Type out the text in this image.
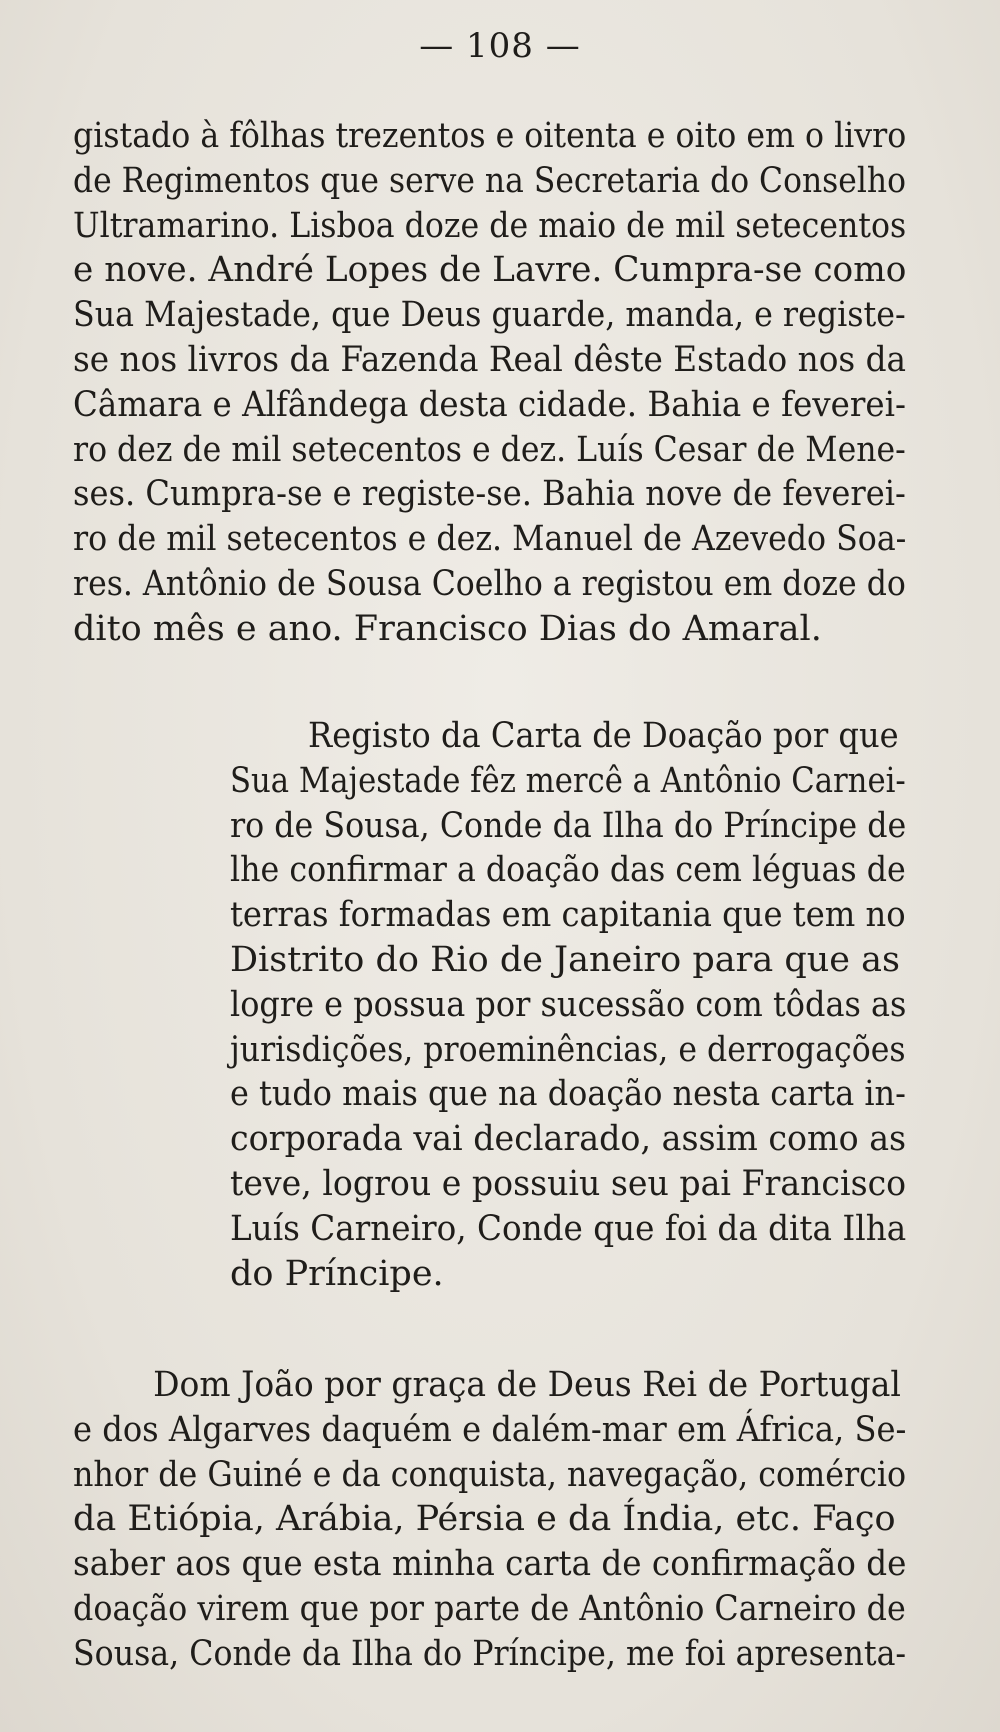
— 108 —
gistado à fôlhas trezentos e oitenta e oito em o livro
de Regimentos que serve na Secretaria do Conselho
Ultramarino. Lisboa doze de maio de mil setecentos
e nove. André Lopes de Lavre. Cumpra-se como
Sua Majestade, que Deus guarde, manda, e registe-
se nos livros da Fazenda Real dêste Estado nos da
Câmara e Alfândega desta cidade. Bahia e feverei-
ro dez de mil setecentos e dez. Luís Cesar de Mene-
ses. Cumpra-se e registe-se. Bahia nove de feverei-
ro de mil setecentos e dez. Manuel de Azevedo Soa-
res. Antônio de Sousa Coelho a registou em doze do
dito mês e ano. Francisco Dias do Amaral.
Registo da Carta de Doação por que
Sua Majestade fêz mercê a Antônio Carnei-
ro de Sousa, Conde da Ilha do Príncipe de
lhe confirmar a doação das cem léguas de
terras formadas em capitania que tem no
Distrito do Rio de Janeiro para que as
logre e possua por sucessão com tôdas as
jurisdições, proeminências, e derrogações
e tudo mais que na doação nesta carta in-
corporada vai declarado, assim como as
teve, logrou e possuiu seu pai Francisco
Luís Carneiro, Conde que foi da dita Ilha
do Príncipe.
Dom João por graça de Deus Rei de Portugal
e dos Algarves daquém e dalém-mar em África, Se-
nhor de Guiné e da conquista, navegação, comércio
da Etiópia, Arábia, Pérsia e da Índia, etc. Faço
saber aos que esta minha carta de confirmação de
doação virem que por parte de Antônio Carneiro de
Sousa, Conde da Ilha do Príncipe, me foi apresenta-
